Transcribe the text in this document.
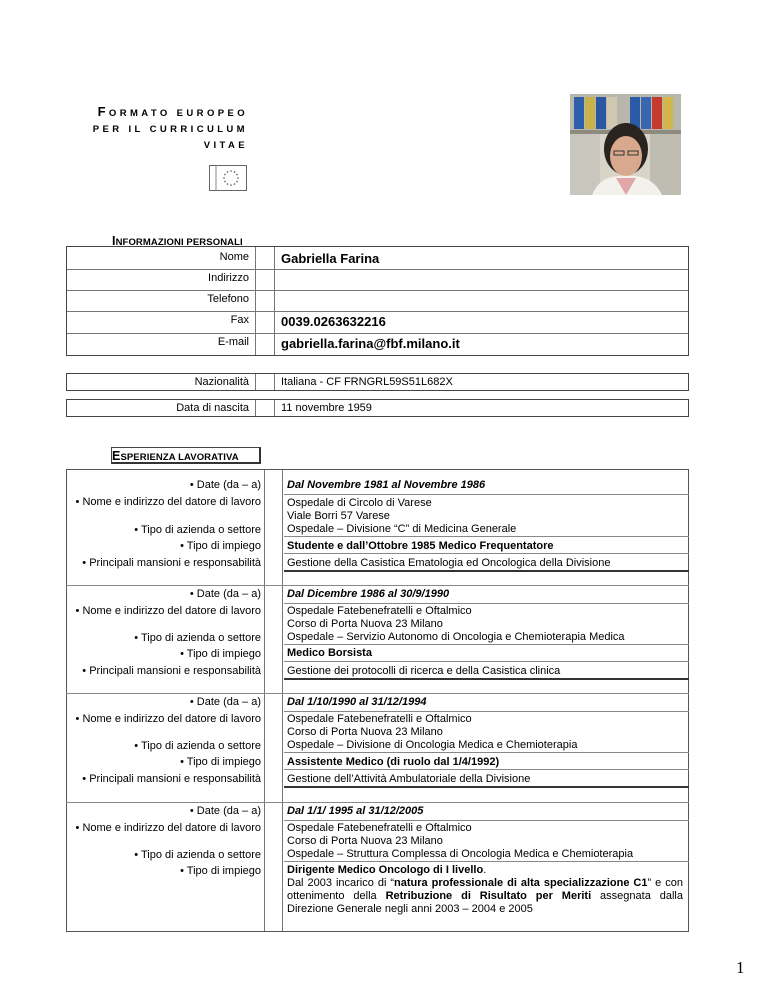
FORMATO EUROPEO
PER IL CURRICULUM
VITAE
INFORMAZIONI PERSONALI
Nome Gabriella Farina
Indirizzo
Telefono
Fax 0039.0263632216
E-mail gabriella.farina@fbf.milano.it
Nazionalità	Italiana - CF FRNGRL59S51L682X
Data di nascita	11 novembre 1959
ESPERIENZA LAVORATIVA
• Date (da – a)
• Nome e indirizzo del datore di lavoro
• Tipo di azienda o settore
• Tipo di impiego
• Principali mansioni e responsabilità
Dal Novembre 1981 al Novembre 1986
Ospedale di Circolo di Varese
Viale Borri 57 Varese
Ospedale – Divisione “C” di Medicina Generale
Studente e dall’Ottobre 1985 Medico Frequentatore
Gestione della Casistica Ematologia ed Oncologica della Divisione
• Date (da – a)
• Nome e indirizzo del datore di lavoro
• Tipo di azienda o settore
• Tipo di impiego
• Principali mansioni e responsabilità
Dal Dicembre 1986 al 30/9/1990
Ospedale Fatebenefratelli e Oftalmico
Corso di Porta Nuova 23 Milano
Ospedale – Servizio Autonomo di Oncologia e Chemioterapia Medica
Medico Borsista
Gestione dei protocolli di ricerca e della Casistica clinica
• Date (da – a)
• Nome e indirizzo del datore di lavoro
• Tipo di azienda o settore
• Tipo di impiego
• Principali mansioni e responsabilità
Dal 1/10/1990 al 31/12/1994
Ospedale Fatebenefratelli e Oftalmico
Corso di Porta Nuova 23 Milano
Ospedale – Divisione di Oncologia Medica e Chemioterapia
Assistente Medico (di ruolo dal 1/4/1992)
Gestione dell’Attività Ambulatoriale della Divisione
• Date (da – a)
• Nome e indirizzo del datore di lavoro
• Tipo di azienda o settore
• Tipo di impiego
Dal 1/1/ 1995 al 31/12/2005
Ospedale Fatebenefratelli e Oftalmico
Corso di Porta Nuova 23 Milano
Ospedale – Struttura Complessa di Oncologia Medica e Chemioterapia
Dirigente Medico Oncologo di I livello.
Dal 2003 incarico di “natura professionale di alta specializzazione C1” e con ottenimento della Retribuzione di Risultato per Meriti assegnata dalla Direzione Generale negli anni 2003 – 2004 e 2005
1
